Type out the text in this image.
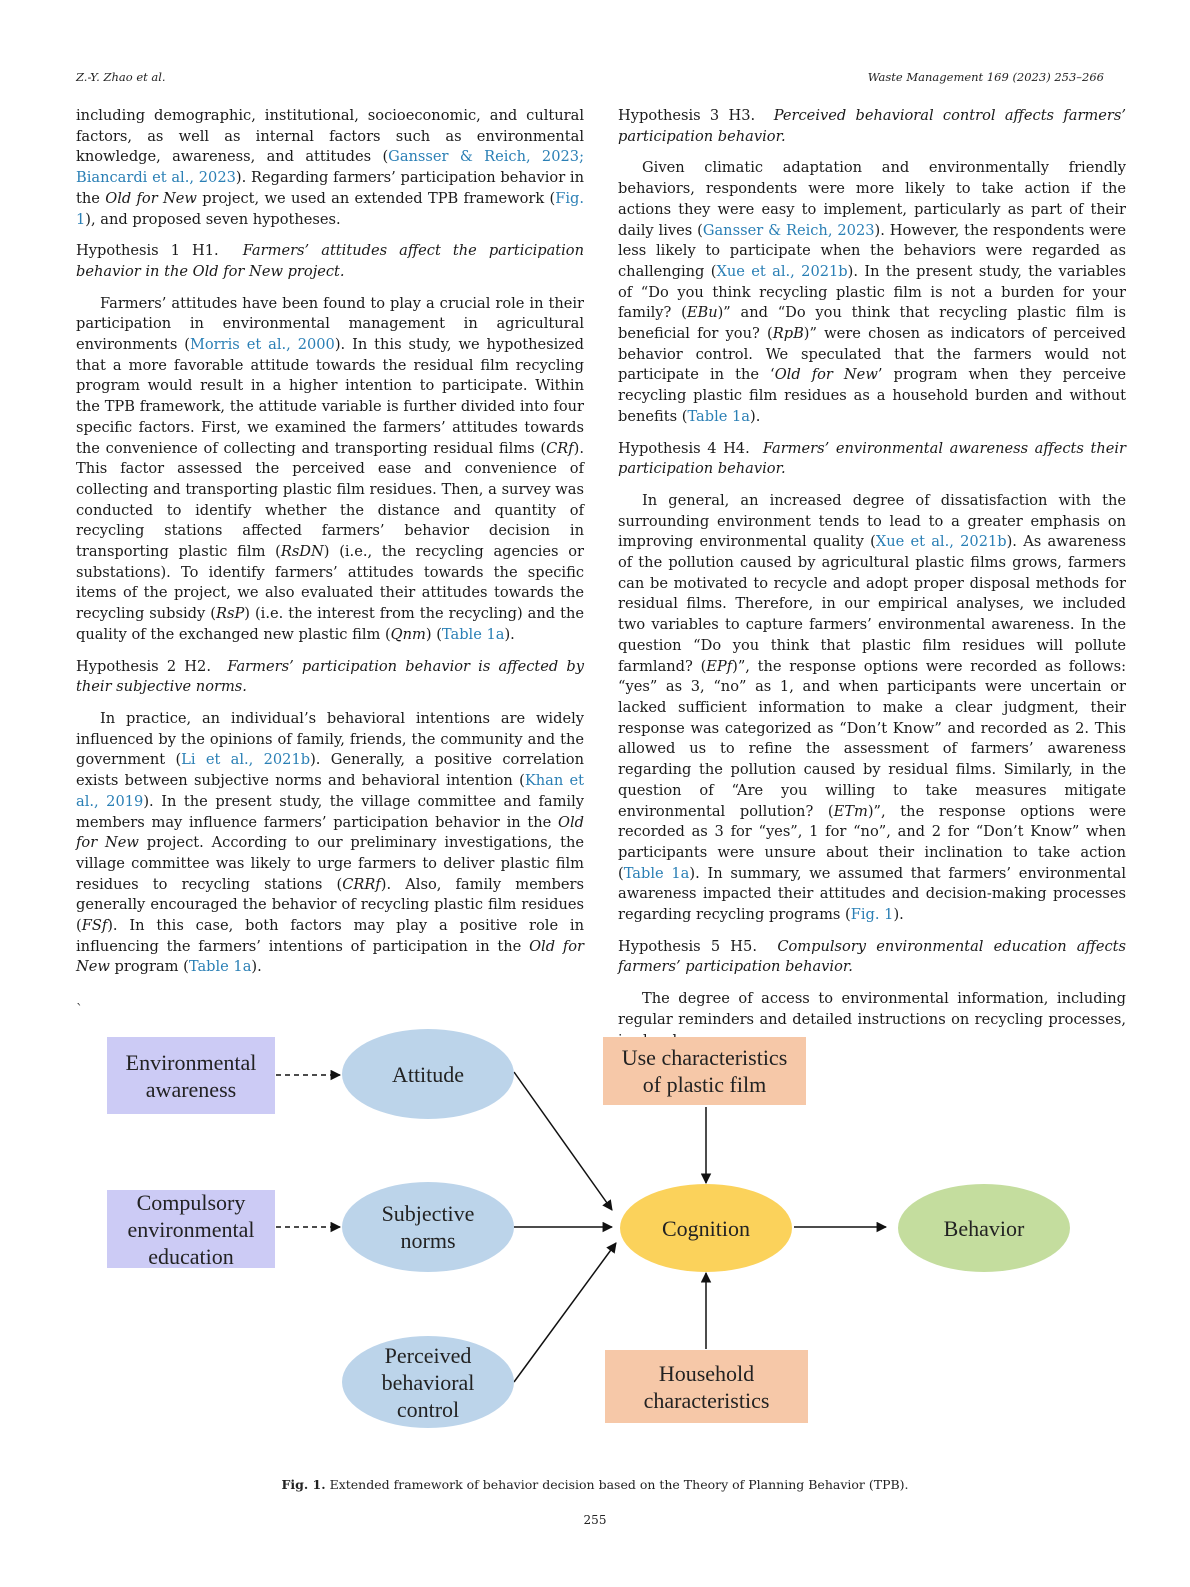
Z.-Y. Zhao et al.	Waste Management 169 (2023) 253–266

including demographic, institutional, socioeconomic, and cultural factors, as well as internal factors such as environmental knowledge, awareness, and attitudes (Gansser & Reich, 2023; Biancardi et al., 2023). Regarding farmers’ participation behavior in the Old for New project, we used an extended TPB framework (Fig. 1), and proposed seven hypotheses.

Hypothesis 1 H1. Farmers’ attitudes affect the participation behavior in the Old for New project.

Farmers’ attitudes have been found to play a crucial role in their participation in environmental management in agricultural environments (Morris et al., 2000). In this study, we hypothesized that a more favorable attitude towards the residual film recycling program would result in a higher intention to participate. Within the TPB framework, the attitude variable is further divided into four specific factors. First, we examined the farmers’ attitudes towards the convenience of collecting and transporting residual films (CRf). This factor assessed the perceived ease and convenience of collecting and transporting plastic film residues. Then, a survey was conducted to identify whether the distance and quantity of recycling stations affected farmers’ behavior decision in transporting plastic film (RsDN) (i.e., the recycling agencies or substations). To identify farmers’ attitudes towards the specific items of the project, we also evaluated their attitudes towards the recycling subsidy (RsP) (i.e. the interest from the recycling) and the quality of the exchanged new plastic film (Qnm) (Table 1a).

Hypothesis 2 H2. Farmers’ participation behavior is affected by their subjective norms.

In practice, an individual’s behavioral intentions are widely influenced by the opinions of family, friends, the community and the government (Li et al., 2021b). Generally, a positive correlation exists between subjective norms and behavioral intention (Khan et al., 2019). In the present study, the village committee and family members may influence farmers’ participation behavior in the Old for New project. According to our preliminary investigations, the village committee was likely to urge farmers to deliver plastic film residues to recycling stations (CRRf). Also, family members generally encouraged the behavior of recycling plastic film residues (FSf). In this case, both factors may play a positive role in influencing the farmers’ intentions of participation in the Old for New program (Table 1a).

Hypothesis 3 H3. Perceived behavioral control affects farmers’ participation behavior.

Given climatic adaptation and environmentally friendly behaviors, respondents were more likely to take action if the actions they were easy to implement, particularly as part of their daily lives (Gansser & Reich, 2023). However, the respondents were less likely to participate when the behaviors were regarded as challenging (Xue et al., 2021b). In the present study, the variables of “Do you think recycling plastic film is not a burden for your family? (EBu)” and “Do you think that recycling plastic film is beneficial for you? (RpB)” were chosen as indicators of perceived behavior control. We speculated that the farmers would not participate in the ‘Old for New’ program when they perceive recycling plastic film residues as a household burden and without benefits (Table 1a).

Hypothesis 4 H4. Farmers’ environmental awareness affects their participation behavior.

In general, an increased degree of dissatisfaction with the surrounding environment tends to lead to a greater emphasis on improving environmental quality (Xue et al., 2021b). As awareness of the pollution caused by agricultural plastic films grows, farmers can be motivated to recycle and adopt proper disposal methods for residual films. Therefore, in our empirical analyses, we included two variables to capture farmers’ environmental awareness. In the question “Do you think that plastic film residues will pollute farmland? (EPf)”, the response options were recorded as follows: “yes” as 3, “no” as 1, and when participants were uncertain or lacked sufficient information to make a clear judgment, their response was categorized as “Don’t Know” and recorded as 2. This allowed us to refine the assessment of farmers’ awareness regarding the pollution caused by residual films. Similarly, in the question of “Are you willing to take measures mitigate environmental pollution? (ETm)”, the response options were recorded as 3 for “yes”, 1 for “no”, and 2 for “Don’t Know” when participants were unsure about their inclination to take action (Table 1a). In summary, we assumed that farmers’ environmental awareness impacted their attitudes and decision-making processes regarding recycling programs (Fig. 1).

Hypothesis 5 H5. Compulsory environmental education affects farmers’ participation behavior.

The degree of access to environmental information, including regular reminders and detailed instructions on recycling processes,

`
Environmental
awareness
Compulsory
environmental
education
Attitude
Subjective
norms
Perceived
behavioral
control
Use characteristics
of plastic film
Household
characteristics
Cognition	Behavior
Fig. 1. Extended framework of behavior decision based on the Theory of Planning Behavior (TPB).
255
